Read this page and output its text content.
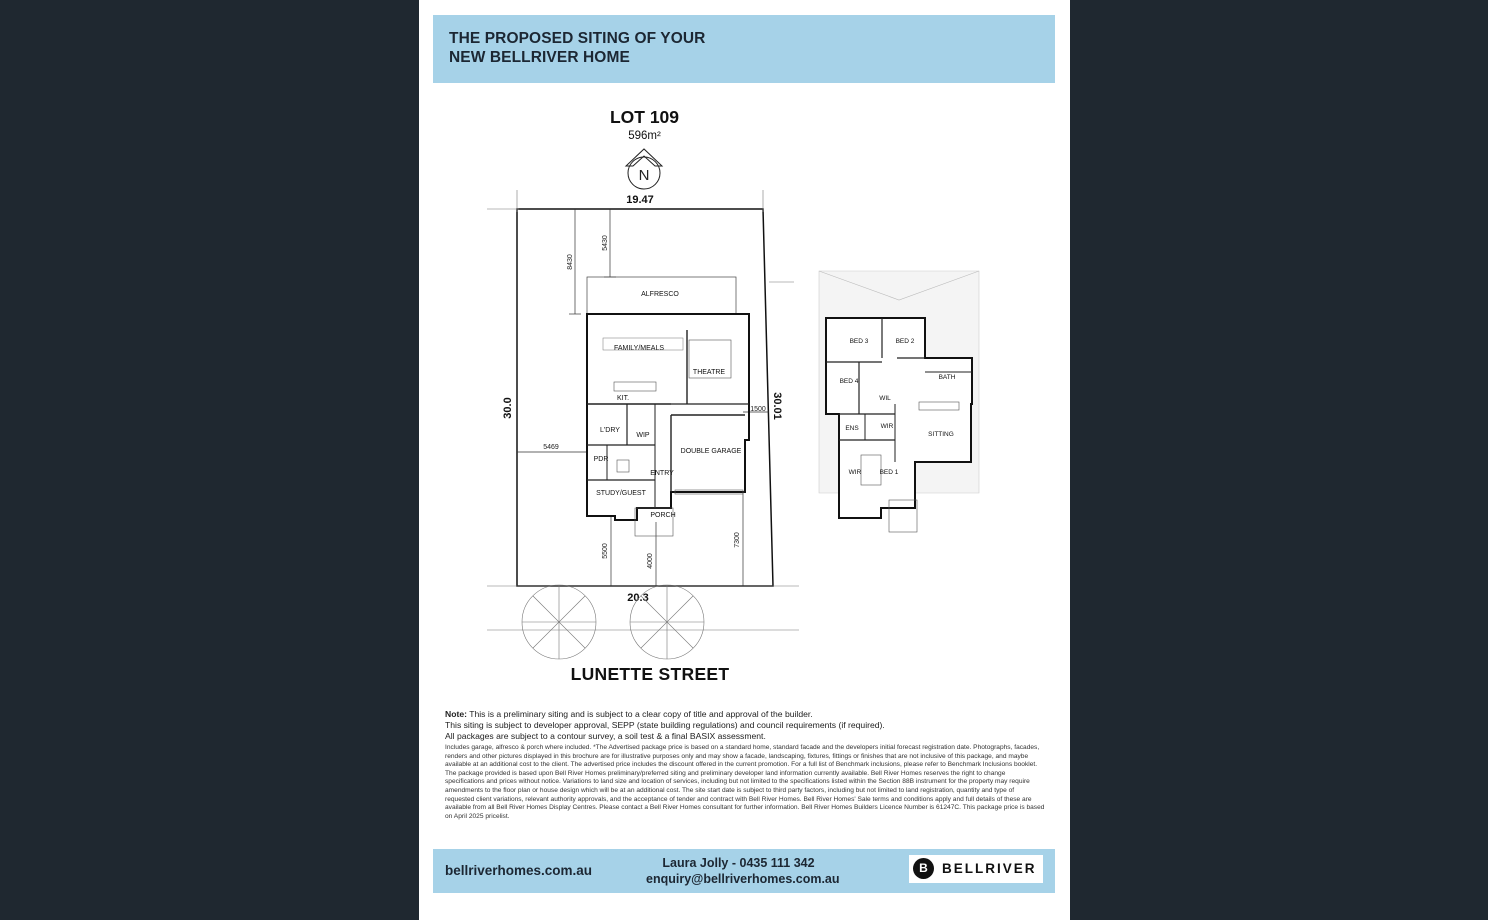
THE PROPOSED SITING OF YOUR
NEW BELLRIVER HOME
LOT 109
596m²
N
19.47
20.3
30.0	30.01
8430
5430
5469
1500
5500
4000
7300
ALFRESCO
FAMILY/MEALS
THEATRE
KIT.
L'DRY
WIP
DOUBLE GARAGE
PDR
ENTRY
STUDY/GUEST
PORCH
BED 3	BED 2
BED 4
BATH
WIL
ENS	WIR
SITTING
WIR	BED 1
LUNETTE STREET

Note: This is a preliminary siting and is subject to a clear copy of title and approval of the builder.

This siting is subject to developer approval, SEPP (state building regulations) and council requirements (if required).

All packages are subject to a contour survey, a soil test & a final BASIX assessment.

Includes garage, alfresco & porch where included. *The Advertised package price is based on a standard home, standard facade and the developers initial forecast registration date. Photographs, facades, renders and other pictures displayed in this brochure are for illustrative purposes only and may show a facade, landscaping, fixtures, fittings or finishes that are not inclusive of this package, and maybe available at an additional cost to the client. The advertised price includes the discount offered in the current promotion. For a full list of Benchmark inclusions, please refer to Benchmark Inclusions booklet. The package provided is based upon Bell River Homes preliminary/preferred siting and preliminary developer land information currently available. Bell River Homes reserves the right to change specifications and prices without notice. Variations to land size and location of services, including but not limited to the specifications listed within the Section 88B instrument for the property may require amendments to the floor plan or house design which will be at an additional cost. The site start date is subject to third party factors, including but not limited to land registration, quantity and type of requested client variations, relevant authority approvals, and the acceptance of tender and contract with Bell River Homes. Bell River Homes' Sale terms and conditions apply and full details of these are available from all Bell River Homes Display Centres. Please contact a Bell River Homes consultant for further information. Bell River Homes Builders Licence Number is 61247C. This package price is based on April 2025 pricelist.

bellriverhomes.com.au	Laura Jolly - 0435 111 342
enquiry@bellriverhomes.com.au
B	BELLRIVER
